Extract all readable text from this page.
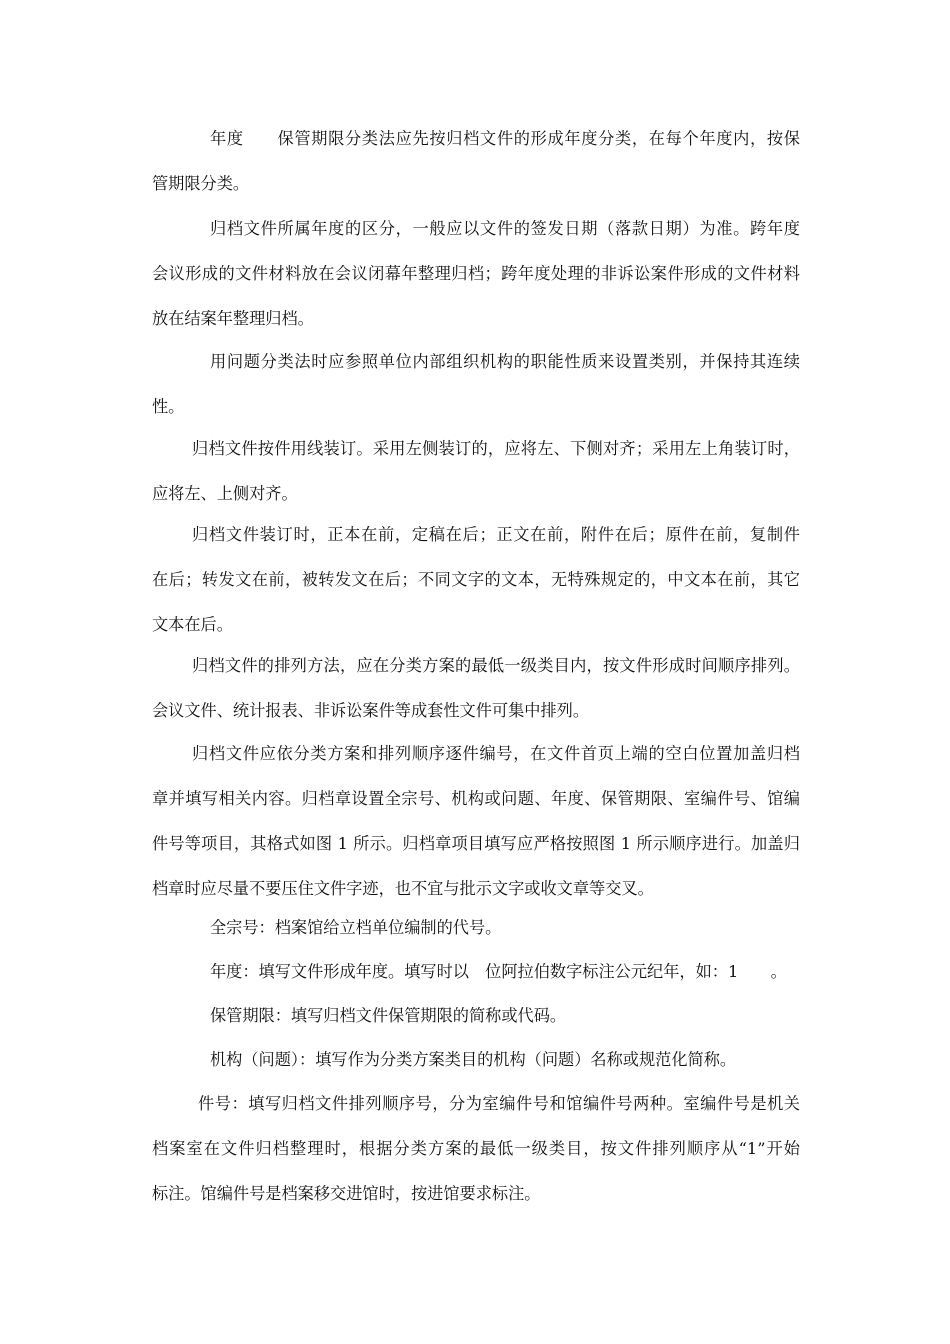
年度　　保管期限分类法应先按归档文件的形成年度分类，在每个年度内，按保
管期限分类。
归档文件所属年度的区分，一般应以文件的签发日期（落款日期）为准。跨年度
会议形成的文件材料放在会议闭幕年整理归档；跨年度处理的非诉讼案件形成的文件材料
放在结案年整理归档。
用问题分类法时应参照单位内部组织机构的职能性质来设置类别，并保持其连续
性。
归档文件按件用线装订。采用左侧装订的，应将左、下侧对齐；采用左上角装订时，
应将左、上侧对齐。
归档文件装订时，正本在前，定稿在后；正文在前，附件在后；原件在前，复制件
在后；转发文在前，被转发文在后；不同文字的文本，无特殊规定的，中文本在前，其它
文本在后。
归档文件的排列方法，应在分类方案的最低一级类目内，按文件形成时间顺序排列。
会议文件、统计报表、非诉讼案件等成套性文件可集中排列。
归档文件应依分类方案和排列顺序逐件编号，在文件首页上端的空白位置加盖归档
章并填写相关内容。归档章设置全宗号、机构或问题、年度、保管期限、室编件号、馆编
件号等项目，其格式如图 1 所示。归档章项目填写应严格按照图 1 所示顺序进行。加盖归
档章时应尽量不要压住文件字迹，也不宜与批示文字或收文章等交叉。
全宗号：档案馆给立档单位编制的代号。
年度：填写文件形成年度。填写时以　位阿拉伯数字标注公元纪年，如：1　　。
保管期限：填写归档文件保管期限的简称或代码。
机构（问题）：填写作为分类方案类目的机构（问题）名称或规范化简称。
件号：填写归档文件排列顺序号，分为室编件号和馆编件号两种。室编件号是机关
档案室在文件归档整理时，根据分类方案的最低一级类目，按文件排列顺序从“1”开始
标注。馆编件号是档案移交进馆时，按进馆要求标注。
